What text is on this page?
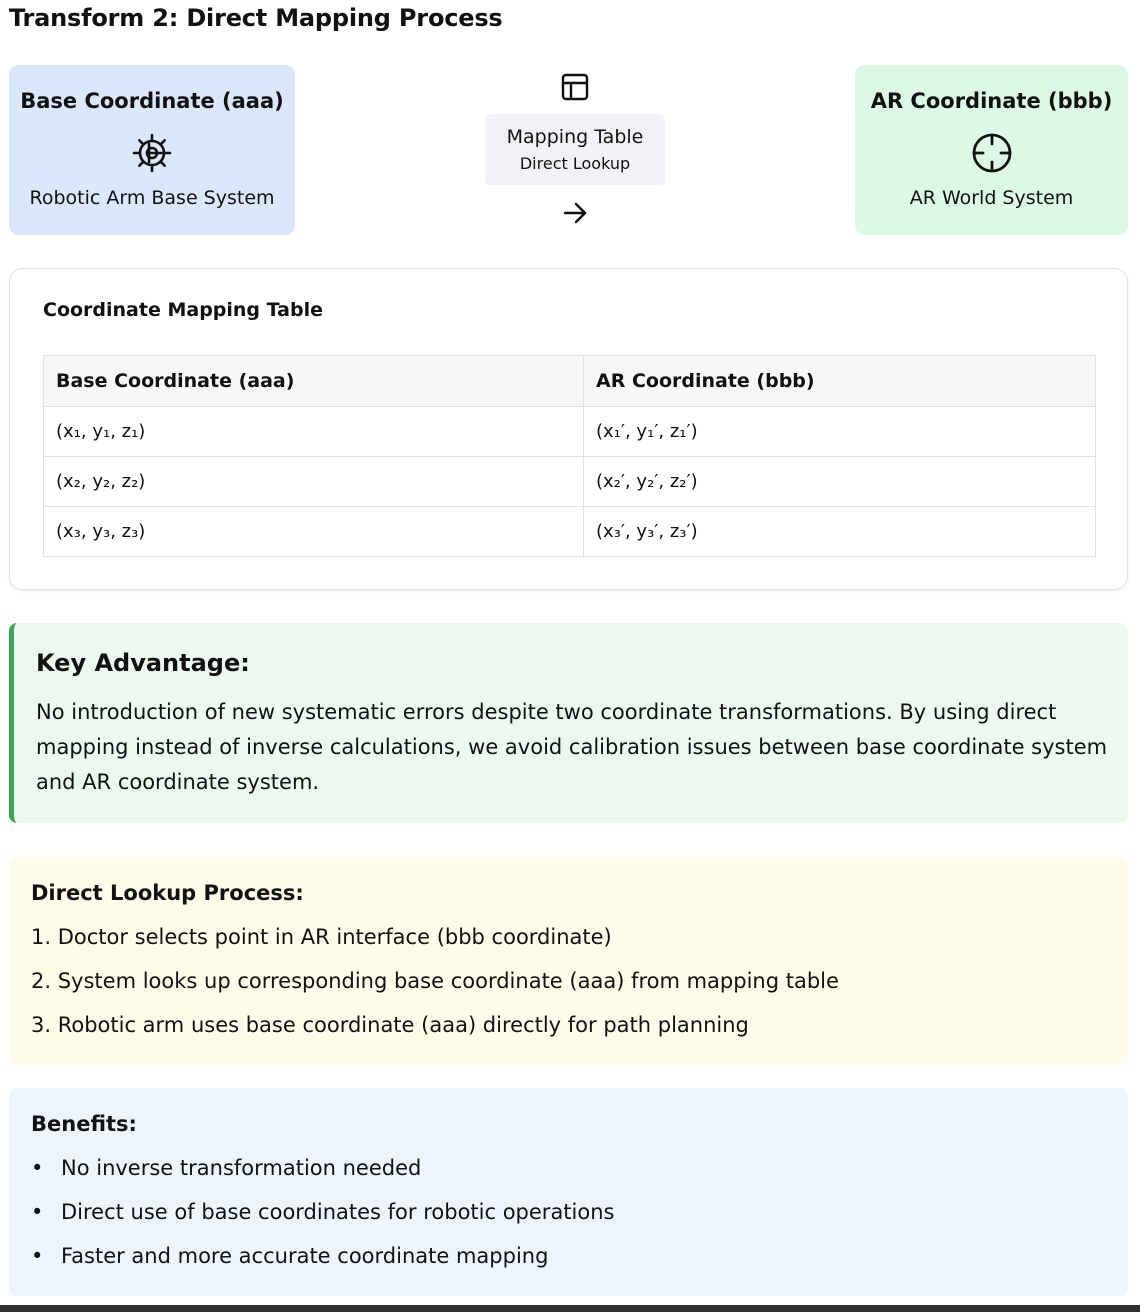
Transform 2: Direct Mapping Process
Base Coordinate (aaa)
Robotic Arm Base System
Mapping Table
Direct Lookup
AR Coordinate (bbb)
AR World System
Coordinate Mapping Table
Base Coordinate (aaa)	AR Coordinate (bbb)
(x₁, y₁, z₁)	(x₁′, y₁′, z₁′)
(x₂, y₂, z₂)	(x₂′, y₂′, z₂′)
(x₃, y₃, z₃)	(x₃′, y₃′, z₃′)
Key Advantage:
No introduction of new systematic errors despite two coordinate transformations. By using direct mapping instead of inverse calculations, we avoid calibration issues between base coordinate system and AR coordinate system.
Direct Lookup Process:
1. Doctor selects point in AR interface (bbb coordinate)
2. System looks up corresponding base coordinate (aaa) from mapping table
3. Robotic arm uses base coordinate (aaa) directly for path planning
Benefits:
• No inverse transformation needed
• Direct use of base coordinates for robotic operations
• Faster and more accurate coordinate mapping
